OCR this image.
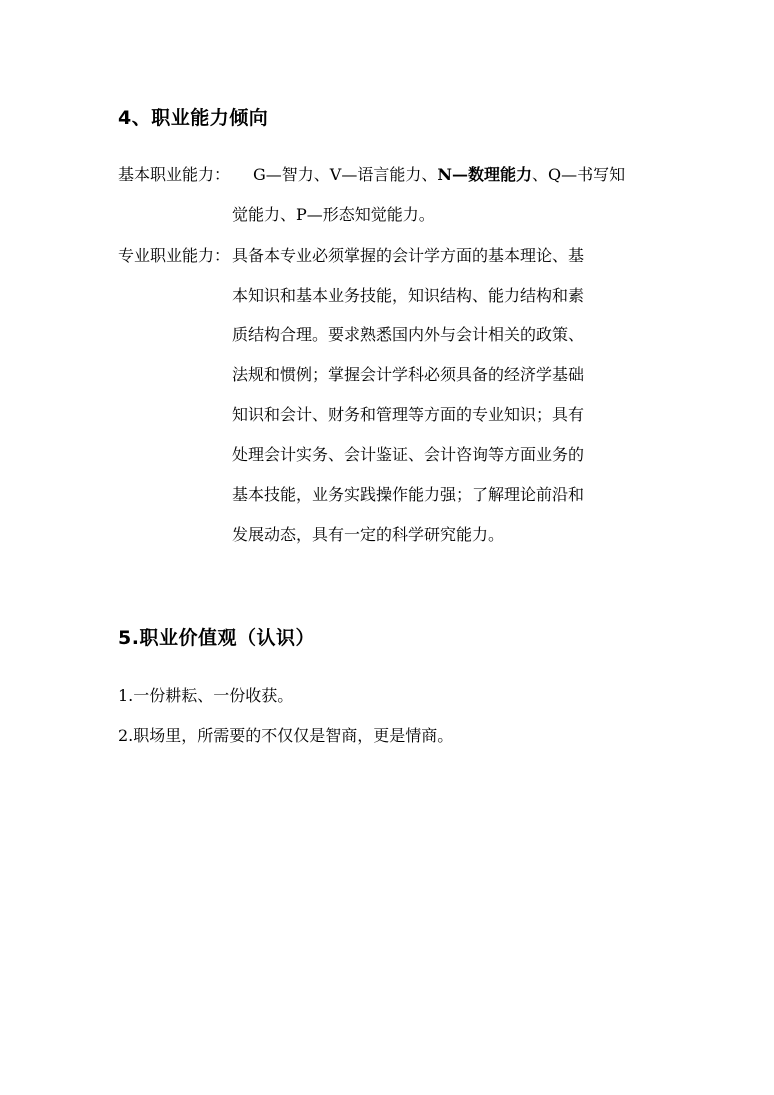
4、职业能力倾向
基本职业能力： G—智力、V—语言能力、N—数理能力、Q—书写知
觉能力、P—形态知觉能力。
专业职业能力： 具备本专业必须掌握的会计学方面的基本理论、基
本知识和基本业务技能，知识结构、能力结构和素
质结构合理。要求熟悉国内外与会计相关的政策、
法规和惯例；掌握会计学科必须具备的经济学基础
知识和会计、财务和管理等方面的专业知识；具有
处理会计实务、会计鉴证、会计咨询等方面业务的
基本技能，业务实践操作能力强；了解理论前沿和
发展动态，具有一定的科学研究能力。
5.职业价值观（认识）
1.一份耕耘、一份收获。
2.职场里，所需要的不仅仅是智商，更是情商。
